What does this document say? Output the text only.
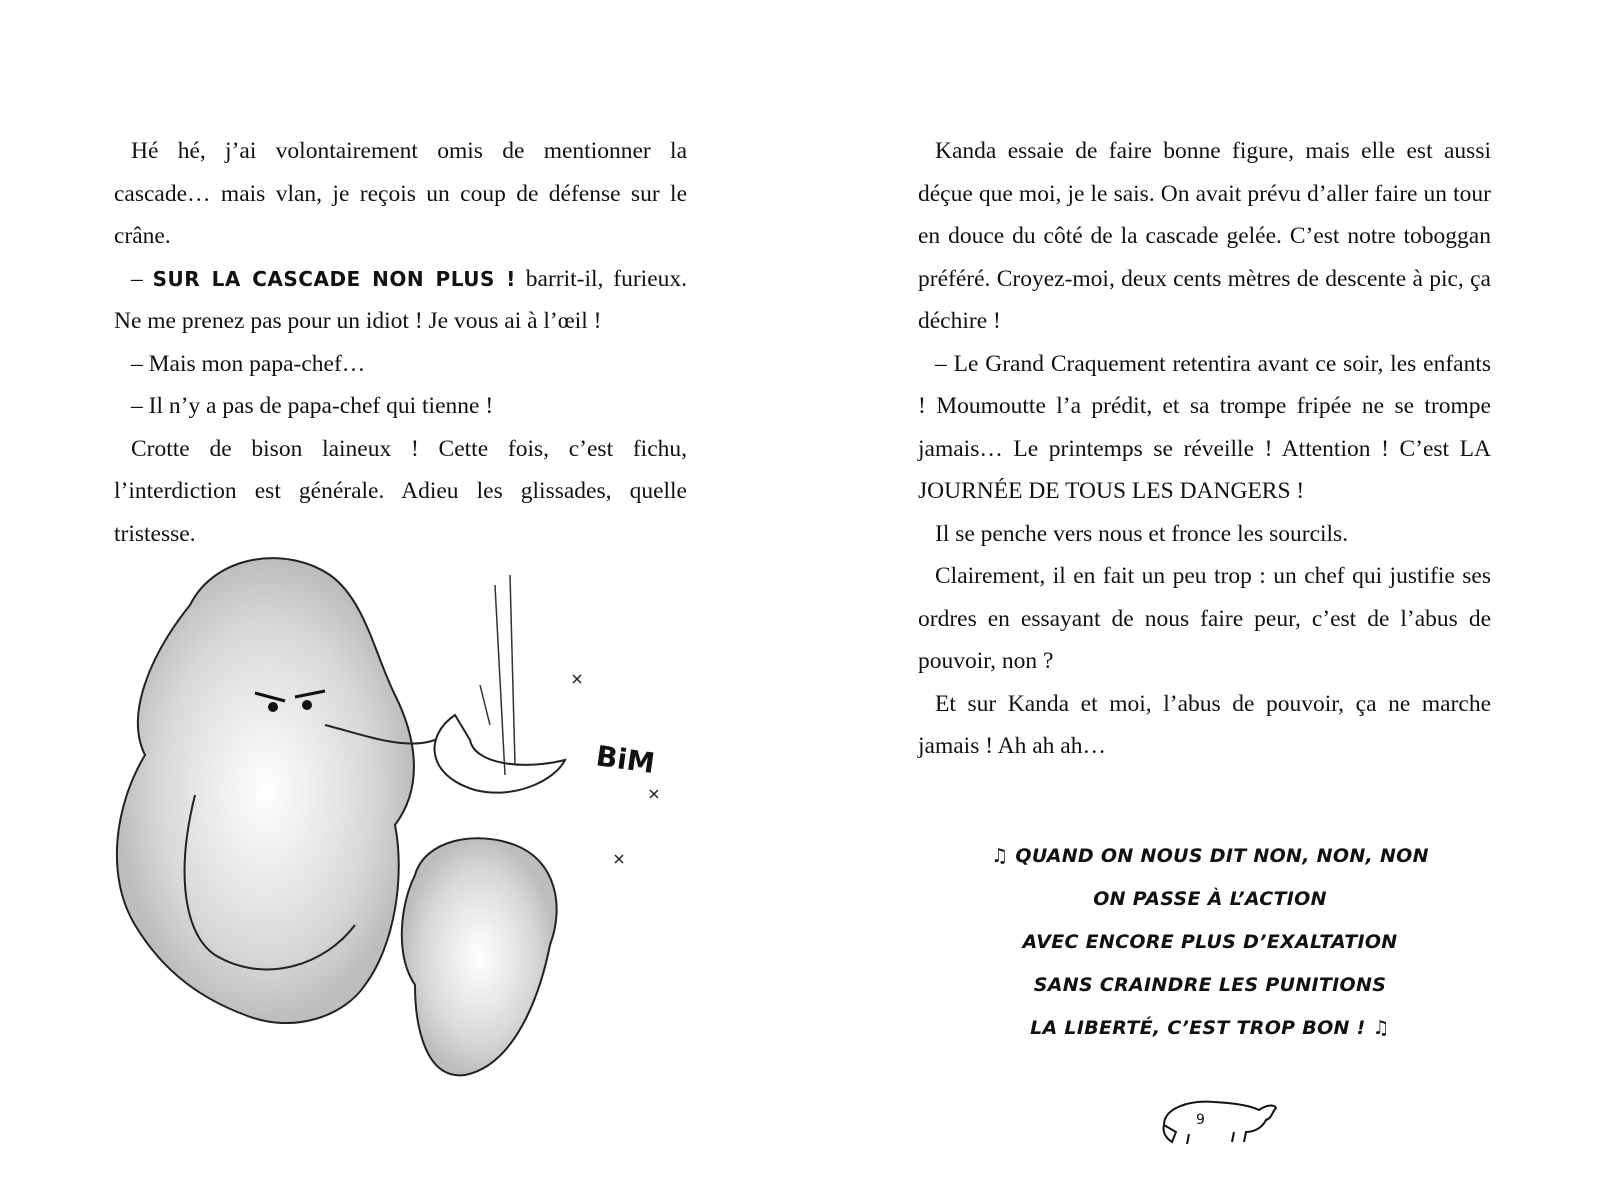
Hé hé, j’ai volontairement omis de mentionner la cascade… mais vlan, je reçois un coup de défense sur le crâne.

– SUR LA CASCADE NON PLUS ! barrit-il, furieux. Ne me prenez pas pour un idiot ! Je vous ai à l’œil !

– Mais mon papa-chef…

– Il n’y a pas de papa-chef qui tienne !

Crotte de bison laineux ! Cette fois, c’est fichu, l’interdiction est générale. Adieu les glissades, quelle tristesse.

BiM

Kanda essaie de faire bonne figure, mais elle est aussi déçue que moi, je le sais. On avait prévu d’aller faire un tour en douce du côté de la cascade gelée. C’est notre toboggan préféré. Croyez-moi, deux cents mètres de descente à pic, ça déchire !

– Le Grand Craquement retentira avant ce soir, les enfants ! Moumoutte l’a prédit, et sa trompe fripée ne se trompe jamais… Le printemps se réveille ! Attention ! C’est LA JOURNÉE DE TOUS LES DANGERS !

Il se penche vers nous et fronce les sourcils.

Clairement, il en fait un peu trop : un chef qui justifie ses ordres en essayant de nous faire peur, c’est de l’abus de pouvoir, non ?

Et sur Kanda et moi, l’abus de pouvoir, ça ne marche jamais ! Ah ah ah…

♫ QUAND ON NOUS DIT NON, NON, NON
ON PASSE À L’ACTION
AVEC ENCORE PLUS D’EXALTATION
SANS CRAINDRE LES PUNITIONS
LA LIBERTÉ, C’EST TROP BON ! ♫
9
